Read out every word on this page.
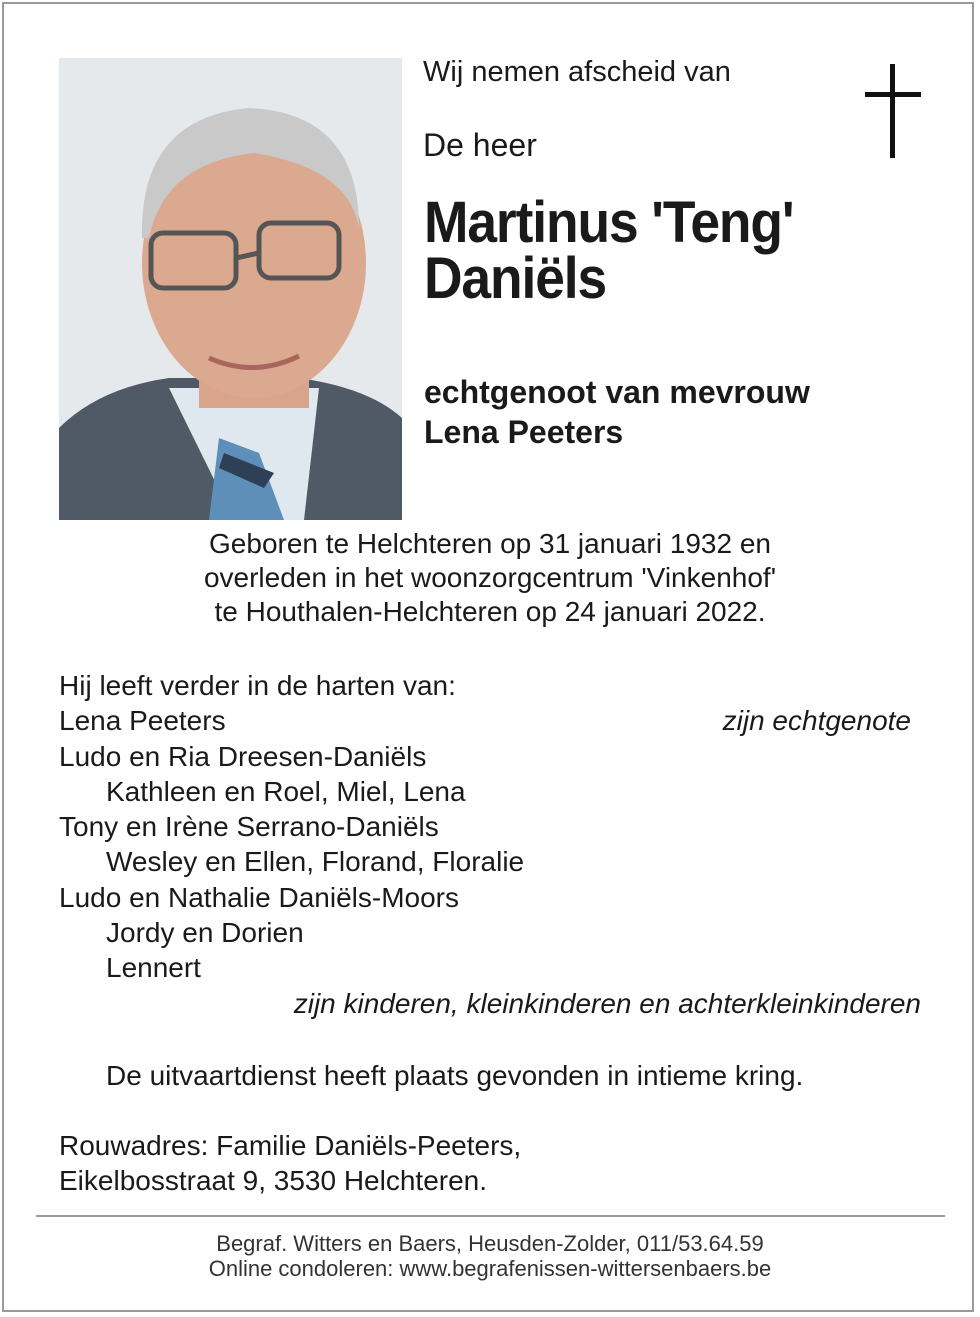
Wij nemen afscheid van
De heer
Martinus 'Teng'
Daniëls
echtgenoot van mevrouw
Lena Peeters
Geboren te Helchteren op 31 januari 1932 en
overleden in het woonzorgcentrum 'Vinkenhof'
te Houthalen-Helchteren op 24 januari 2022.
Hij leeft verder in de harten van:
Lena Peeters	zijn echtgenote
Ludo en Ria Dreesen-Daniëls
Kathleen en Roel, Miel, Lena
Tony en Irène Serrano-Daniëls
Wesley en Ellen, Florand, Floralie
Ludo en Nathalie Daniëls-Moors
Jordy en Dorien
Lennert
zijn kinderen, kleinkinderen en achterkleinkinderen
De uitvaartdienst heeft plaats gevonden in intieme kring.
Rouwadres: Familie Daniëls-Peeters,
Eikelbosstraat 9, 3530 Helchteren.
Begraf. Witters en Baers, Heusden-Zolder, 011/53.64.59
Online condoleren: www.begrafenissen-wittersenbaers.be
